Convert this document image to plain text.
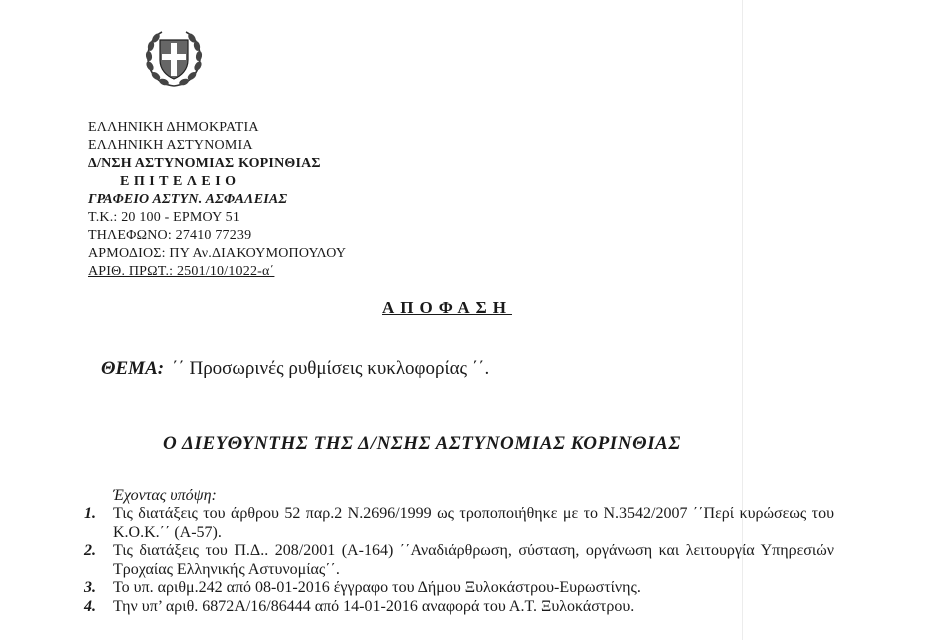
ΕΛΛΗΝΙΚΗ ΔΗΜΟΚΡΑΤΙΑ
ΕΛΛΗΝΙΚΗ ΑΣΤΥΝΟΜΙΑ
Δ/ΝΣΗ ΑΣΤΥΝΟΜΙΑΣ ΚΟΡΙΝΘΙΑΣ
ΕΠΙΤΕΛΕΙΟ
ΓΡΑΦΕΙΟ ΑΣΤΥΝ. ΑΣΦΑΛΕΙΑΣ
Τ.Κ.: 20 100 - ΕΡΜΟΥ 51
ΤΗΛΕΦΩΝΟ: 27410 77239
ΑΡΜΟΔΙΟΣ: ΠΥ Αν.ΔΙΑΚΟΥΜΟΠΟΥΛΟΥ
ΑΡΙΘ. ΠΡΩΤ.: 2501/10/1022-α΄
ΑΠΟΦΑΣΗ
ΘΕΜΑ: ΄΄ Προσωρινές ρυθμίσεις κυκλοφορίας ΄΄.
Ο ΔΙΕΥΘΥΝΤΗΣ ΤΗΣ Δ/ΝΣΗΣ ΑΣΤΥΝΟΜΙΑΣ ΚΟΡΙΝΘΙΑΣ
Έχοντας υπόψη:
1.	Τις διατάξεις του άρθρου 52 παρ.2 Ν.2696/1999 ως τροποποιήθηκε με το Ν.3542/2007 ΄΄Περί κυρώσεως του Κ.Ο.Κ.΄΄ (Α-57).
2.	Τις διατάξεις του Π.Δ.. 208/2001 (Α-164) ΄΄Αναδιάρθρωση, σύσταση, οργάνωση και λειτουργία Υπηρεσιών Τροχαίας Ελληνικής Αστυνομίας΄΄.
3.	Το υπ. αριθμ.242 από 08-01-2016 έγγραφο του Δήμου Ξυλοκάστρου-Ευρωστίνης.
4.	Την υπ’ αριθ. 6872Α/16/86444 από 14-01-2016 αναφορά του Α.Τ. Ξυλοκάστρου.
